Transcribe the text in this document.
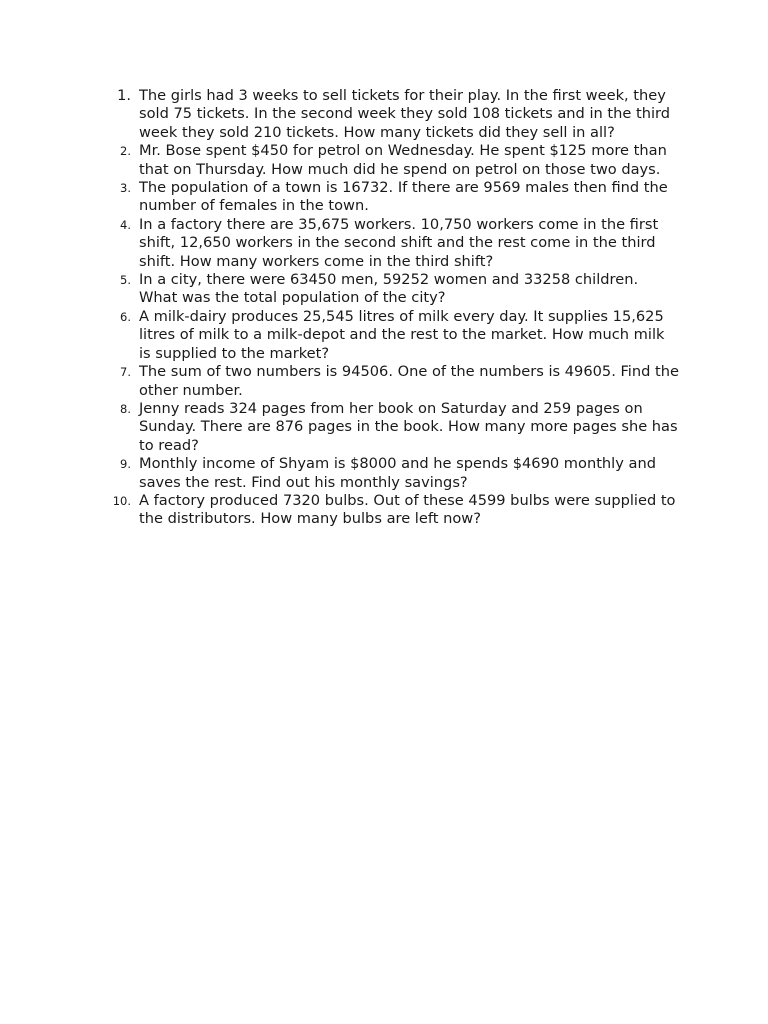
1. The girls had 3 weeks to sell tickets for their play. In the first week, they sold 75 tickets. In the second week they sold 108 tickets and in the third week they sold 210 tickets. How many tickets did they sell in all?
2. Mr. Bose spent $450 for petrol on Wednesday. He spent $125 more than that on Thursday. How much did he spend on petrol on those two days.
3. The population of a town is 16732. If there are 9569 males then find the number of females in the town.
4. In a factory there are 35,675 workers. 10,750 workers come in the first shift, 12,650 workers in the second shift and the rest come in the third shift. How many workers come in the third shift?
5. In a city, there were 63450 men, 59252 women and 33258 children. What was the total population of the city?
6. A milk-dairy produces 25,545 litres of milk every day. It supplies 15,625 litres of milk to a milk-depot and the rest to the market. How much milk is supplied to the market?
7. The sum of two numbers is 94506. One of the numbers is 49605. Find the other number.
8. Jenny reads 324 pages from her book on Saturday and 259 pages on Sunday. There are 876 pages in the book. How many more pages she has to read?
9. Monthly income of Shyam is $8000 and he spends $4690 monthly and saves the rest. Find out his monthly savings?
10. A factory produced 7320 bulbs. Out of these 4599 bulbs were supplied to the distributors. How many bulbs are left now?
